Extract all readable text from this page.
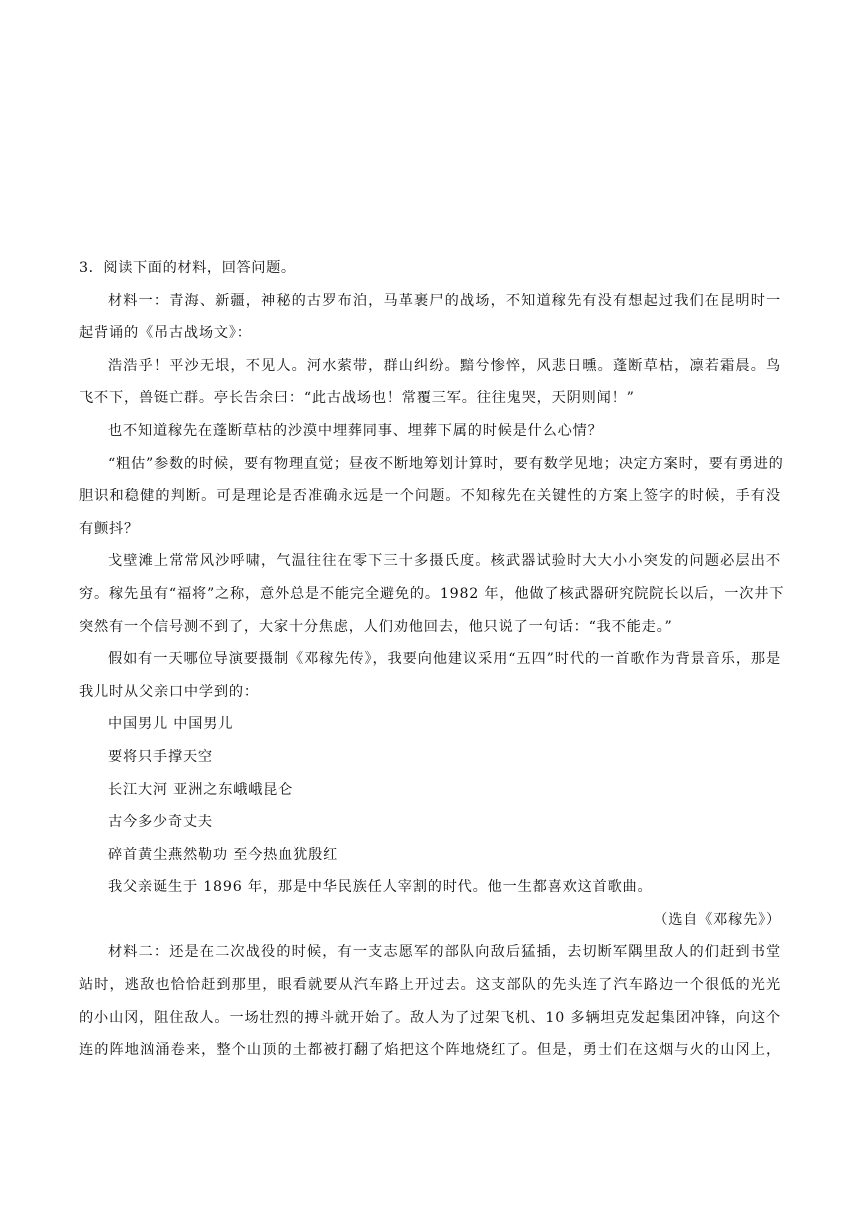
3．阅读下面的材料，回答问题。
材料一：青海、新疆，神秘的古罗布泊，马革裹尸的战场，不知道稼先有没有想起过我们在昆明时一
起背诵的《吊古战场文》：
浩浩乎！平沙无垠，不见人。河水萦带，群山纠纷。黯兮惨悴，风悲日曛。蓬断草枯，凛若霜晨。鸟
飞不下，兽铤亡群。亭长告余曰：“此古战场也！常覆三军。往往鬼哭，天阴则闻！”
也不知道稼先在蓬断草枯的沙漠中埋葬同事、埋葬下属的时候是什么心情？
“粗估”参数的时候，要有物理直觉；昼夜不断地筹划计算时，要有数学见地；决定方案时，要有勇进的
胆识和稳健的判断。可是理论是否准确永远是一个问题。不知稼先在关键性的方案上签字的时候，手有没
有颤抖？
戈壁滩上常常风沙呼啸，气温往往在零下三十多摄氏度。核武器试验时大大小小突发的问题必层出不
穷。稼先虽有“福将”之称，意外总是不能完全避免的。1982 年，他做了核武器研究院院长以后，一次井下
突然有一个信号测不到了，大家十分焦虑，人们劝他回去，他只说了一句话：“我不能走。”
假如有一天哪位导演要摄制《邓稼先传》，我要向他建议采用“五四”时代的一首歌作为背景音乐，那是
我儿时从父亲口中学到的：
中国男儿 中国男儿
要将只手撑天空
长江大河 亚洲之东峨峨昆仑
古今多少奇丈夫
碎首黄尘燕然勒功 至今热血犹殷红
我父亲诞生于 1896 年，那是中华民族任人宰割的时代。他一生都喜欢这首歌曲。
（选自《邓稼先》）
材料二：还是在二次战役的时候，有一支志愿军的部队向敌后猛插，去切断军隅里敌人的们赶到书堂
站时，逃敌也恰恰赶到那里，眼看就要从汽车路上开过去。这支部队的先头连了汽车路边一个很低的光光
的小山冈，阻住敌人。一场壮烈的搏斗就开始了。敌人为了过架飞机、10 多辆坦克发起集团冲锋，向这个
连的阵地汹涌卷来，整个山顶的土都被打翻了焰把这个阵地烧红了。但是，勇士们在这烟与火的山冈上，
